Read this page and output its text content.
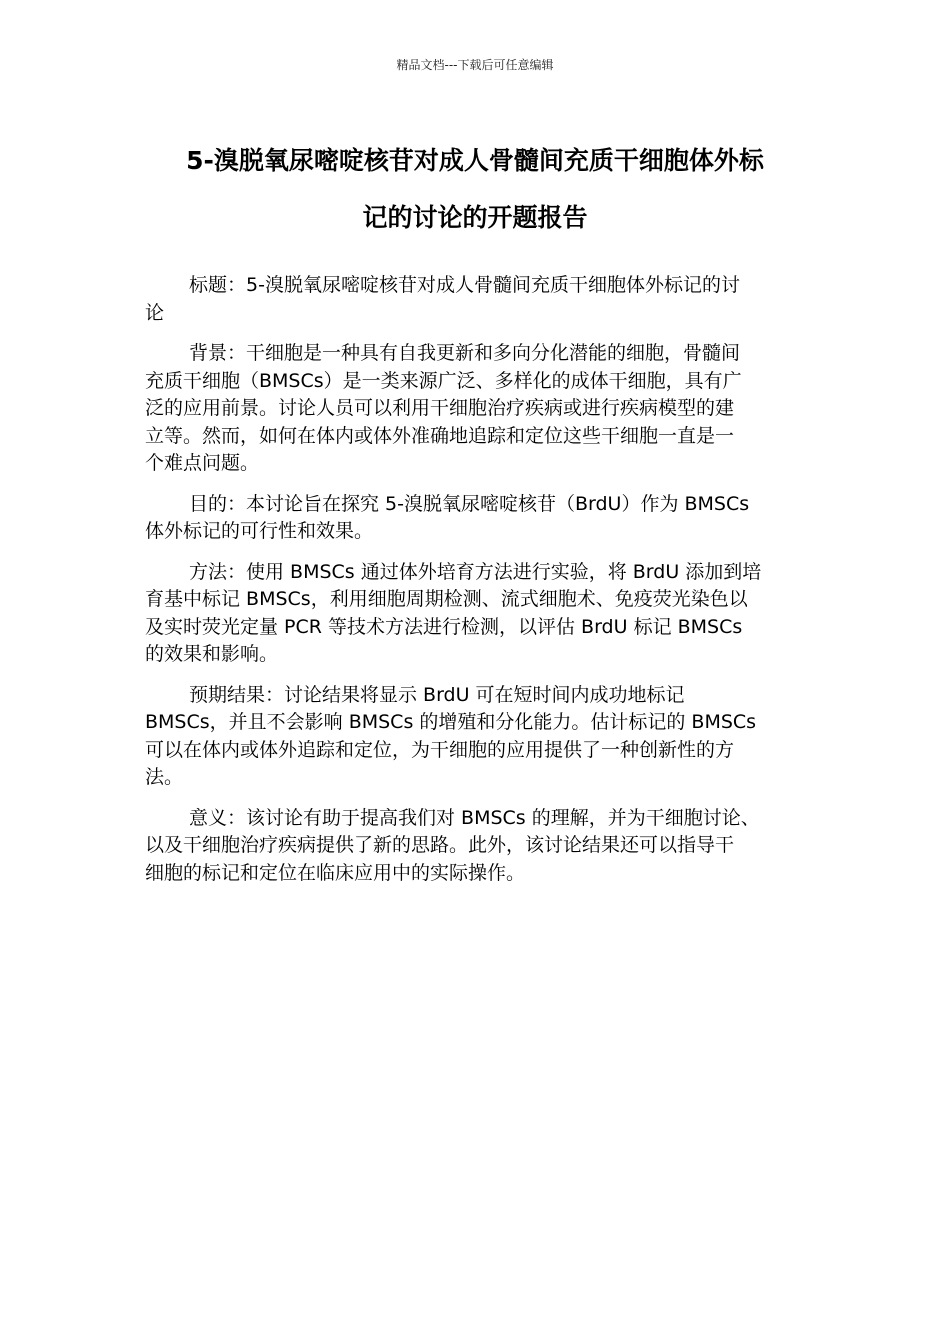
精品文档---下载后可任意编辑
5-溴脱氧尿嘧啶核苷对成人骨髓间充质干细胞体外标
记的讨论的开题报告

标题：5-溴脱氧尿嘧啶核苷对成人骨髓间充质干细胞体外标记的讨
论

背景：干细胞是一种具有自我更新和多向分化潜能的细胞，骨髓间
充质干细胞（BMSCs）是一类来源广泛、多样化的成体干细胞，具有广
泛的应用前景。讨论人员可以利用干细胞治疗疾病或进行疾病模型的建
立等。然而，如何在体内或体外准确地追踪和定位这些干细胞一直是一
个难点问题。

目的：本讨论旨在探究 5-溴脱氧尿嘧啶核苷（BrdU）作为 BMSCs
体外标记的可行性和效果。

方法：使用 BMSCs 通过体外培育方法进行实验，将 BrdU 添加到培
育基中标记 BMSCs，利用细胞周期检测、流式细胞术、免疫荧光染色以
及实时荧光定量 PCR 等技术方法进行检测，以评估 BrdU 标记 BMSCs
的效果和影响。

预期结果：讨论结果将显示 BrdU 可在短时间内成功地标记
BMSCs，并且不会影响 BMSCs 的增殖和分化能力。估计标记的 BMSCs
可以在体内或体外追踪和定位，为干细胞的应用提供了一种创新性的方
法。

意义：该讨论有助于提高我们对 BMSCs 的理解，并为干细胞讨论、
以及干细胞治疗疾病提供了新的思路。此外，该讨论结果还可以指导干
细胞的标记和定位在临床应用中的实际操作。
